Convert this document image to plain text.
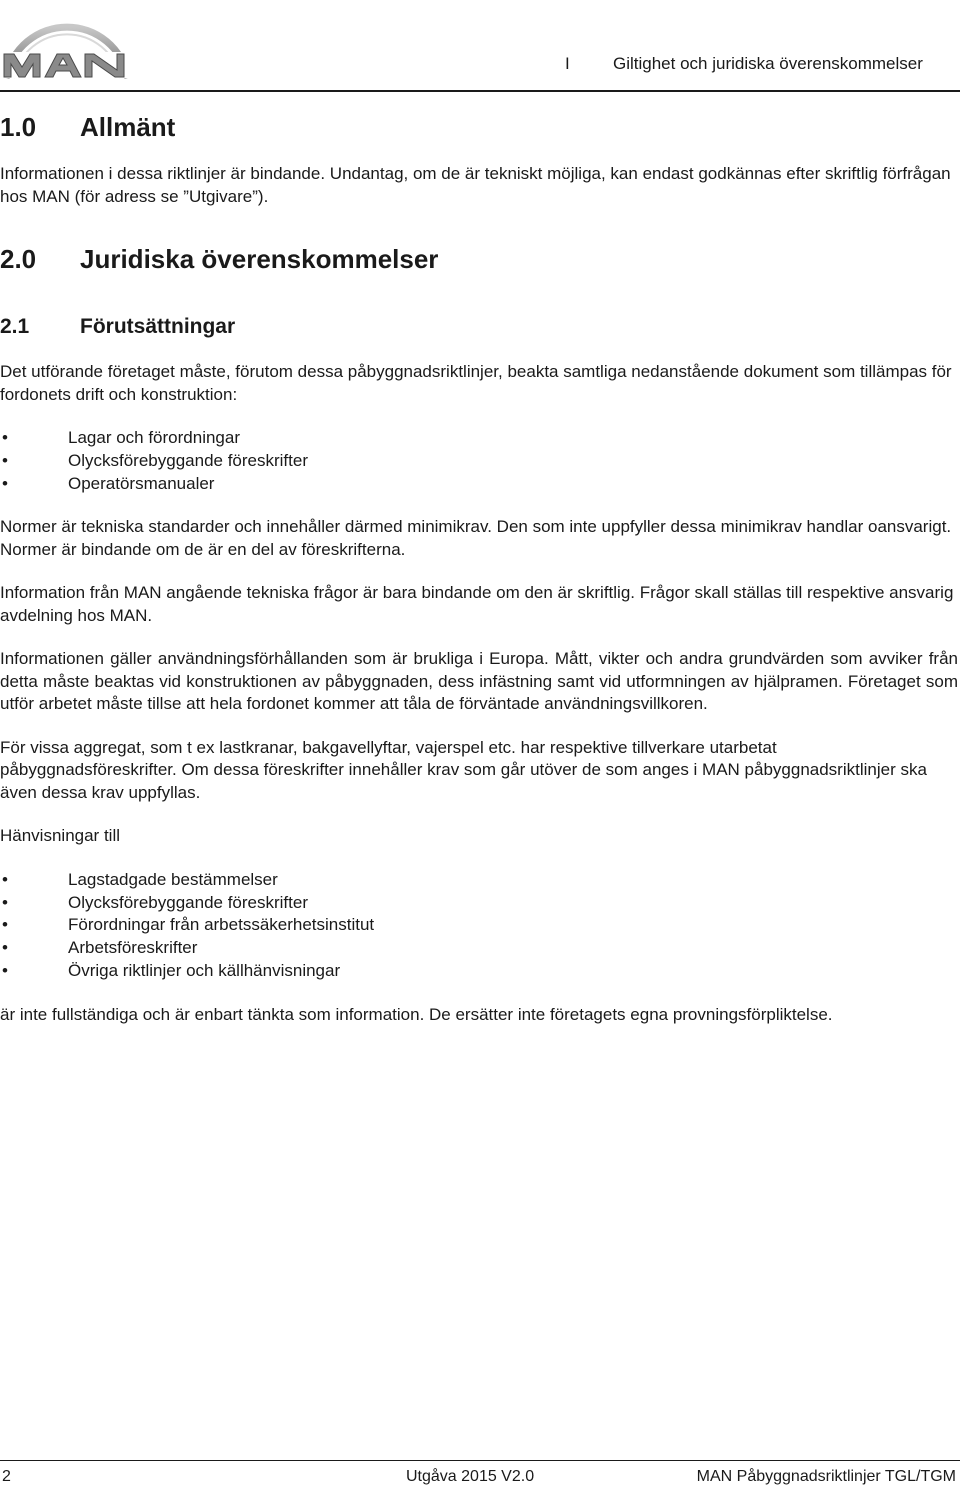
I	Giltighet och juridiska överenskommelser
1.0	Allmänt

Informationen i dessa riktlinjer är bindande. Undantag, om de är tekniskt möjliga, kan endast godkännas efter skriftlig förfrågan hos MAN (för adress se ”Utgivare”).

2.0	Juridiska överenskommelser
2.1	Förutsättningar

Det utförande företaget måste, förutom dessa påbyggnadsriktlinjer, beakta samtliga nedanstående dokument som tillämpas för fordonets drift och konstruktion:

•	Lagar och förordningar
•	Olycksförebyggande föreskrifter
•	Operatörsmanualer

Normer är tekniska standarder och innehåller därmed minimikrav. Den som inte uppfyller dessa minimikrav handlar oansvarigt. Normer är bindande om de är en del av föreskrifterna.

Information från MAN angående tekniska frågor är bara bindande om den är skriftlig. Frågor skall ställas till respektive ansvarig avdelning hos MAN.

Informationen gäller användningsförhållanden som är brukliga i Europa. Mått, vikter och andra grundvärden som avviker från detta måste beaktas vid konstruktionen av påbyggnaden, dess infästning samt vid utformningen av hjälpramen. Företaget som utför arbetet måste tillse att hela fordonet kommer att tåla de förväntade användningsvillkoren.

För vissa aggregat, som t ex lastkranar, bakgavellyftar, vajerspel etc. har respektive tillverkare utarbetat påbyggnadsföreskrifter. Om dessa föreskrifter innehåller krav som går utöver de som anges i MAN påbyggnadsriktlinjer ska även dessa krav uppfyllas.

Hänvisningar till

•	Lagstadgade bestämmelser
•	Olycksförebyggande föreskrifter
•	Förordningar från arbetssäkerhetsinstitut
•	Arbetsföreskrifter
•	Övriga riktlinjer och källhänvisningar

är inte fullständiga och är enbart tänkta som information. De ersätter inte företagets egna provningsförpliktelse.

2	Utgåva 2015 V2.0	MAN Påbyggnadsriktlinjer TGL/TGM
